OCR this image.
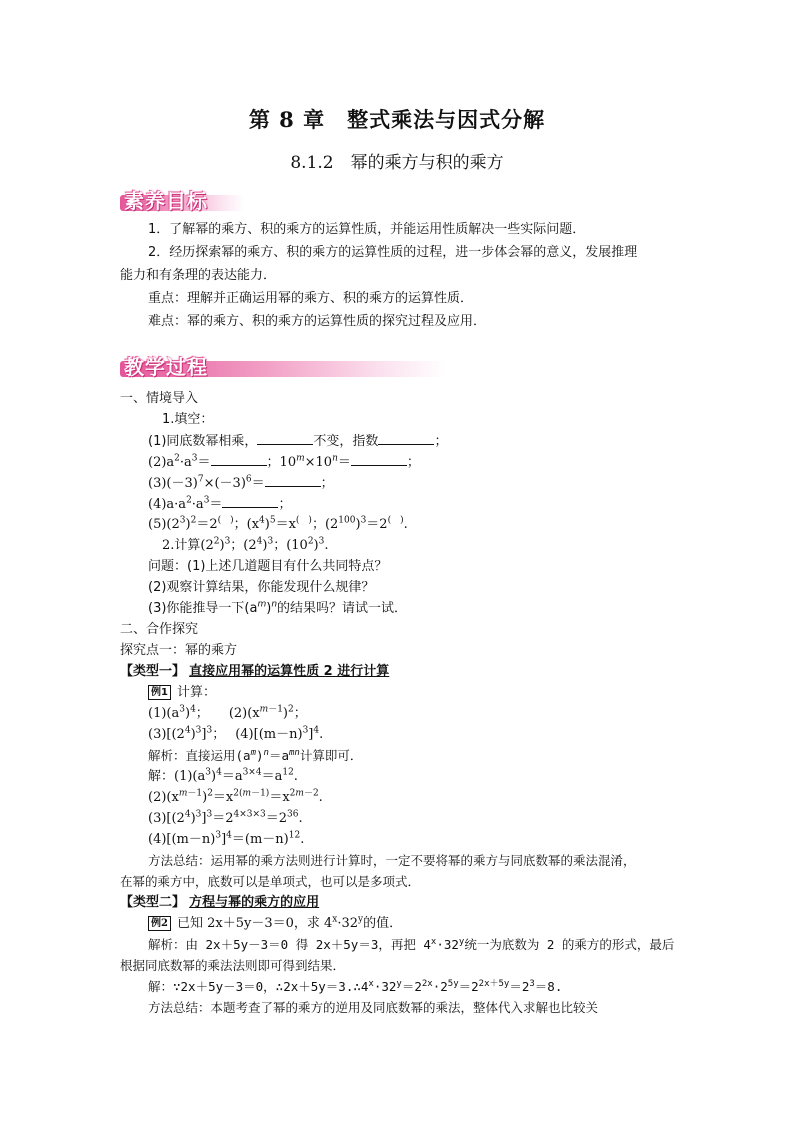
第 8 章　整式乘法与因式分解
8.1.2　幂的乘方与积的乘方
素养目标
1．了解幂的乘方、积的乘方的运算性质，并能运用性质解决一些实际问题．
2．经历探索幂的乘方、积的乘方的运算性质的过程，进一步体会幂的意义，发展推理
能力和有条理的表达能力．
重点：理解并正确运用幂的乘方、积的乘方的运算性质．
难点：幂的乘方、积的乘方的运算性质的探究过程及应用．
教学过程
一、情境导入
1.填空：
(1)同底数幂相乘，	不变，指数	；
$(2)a^2\cdot a^3=$	；$10^m\times 10^n=$	；
$(3)(-3)^7\times(-3)^6=$	；
$(4)a\cdot a^2\cdot a^3=$	；
$(5)(2^3)^2=2^{( )}$；$(x^4)^5=x^{( )}$；$(2^{100})^3=2^{( )}$.
2.计算$(2^2)^3$；$(2^4)^3$；$(10^2)^3$.
问题：(1)上述几道题目有什么共同特点？
(2)观察计算结果，你能发现什么规律？
(3)你能推导一下$(a^m)^n$的结果吗？请试一试．
二、合作探究
探究点一：幂的乘方
【类型一】 直接应用幂的运算性质 2 进行计算
例1 计算：
$(1)(a^3)^4$； $(2)(x^{m-1})^2$；
$(3)[(2^4)^3]^3$； $(4)[(m-n)^3]^4$.
解析：直接运用$(a^m)^n=a^{mn}$计算即可．
解：$(1)(a^3)^4=a^{3\times 4}=a^{12}$.
$(2)(x^{m-1})^2=x^{2(m-1)}=x^{2m-2}$.
$(3)[(2^4)^3]^3=2^{4\times 3\times 3}=2^{36}$.
$(4)[(m-n)^3]^4=(m-n)^{12}$.
方法总结：运用幂的乘方法则进行计算时，一定不要将幂的乘方与同底数幂的乘法混淆，
在幂的乘方中，底数可以是单项式，也可以是多项式．
【类型二】 方程与幂的乘方的应用
例2 已知 2x＋5y－3＝0，求 $4^x\cdot 32^y$的值．
解析：由 2x＋5y－3＝0 得 2x＋5y＝3，再把 $4^x\cdot 32^y$统一为底数为 2 的乘方的形式，最后
根据同底数幂的乘法法则即可得到结果．
解：∵2x＋5y－3＝0，$\therefore 2x+5y=3.\therefore 4^x\cdot 32^y=2^{2x}\cdot 2^{5y}=2^{2x+5y}=2^3=8$.
方法总结：本题考查了幂的乘方的逆用及同底数幂的乘法，整体代入求解也比较关
